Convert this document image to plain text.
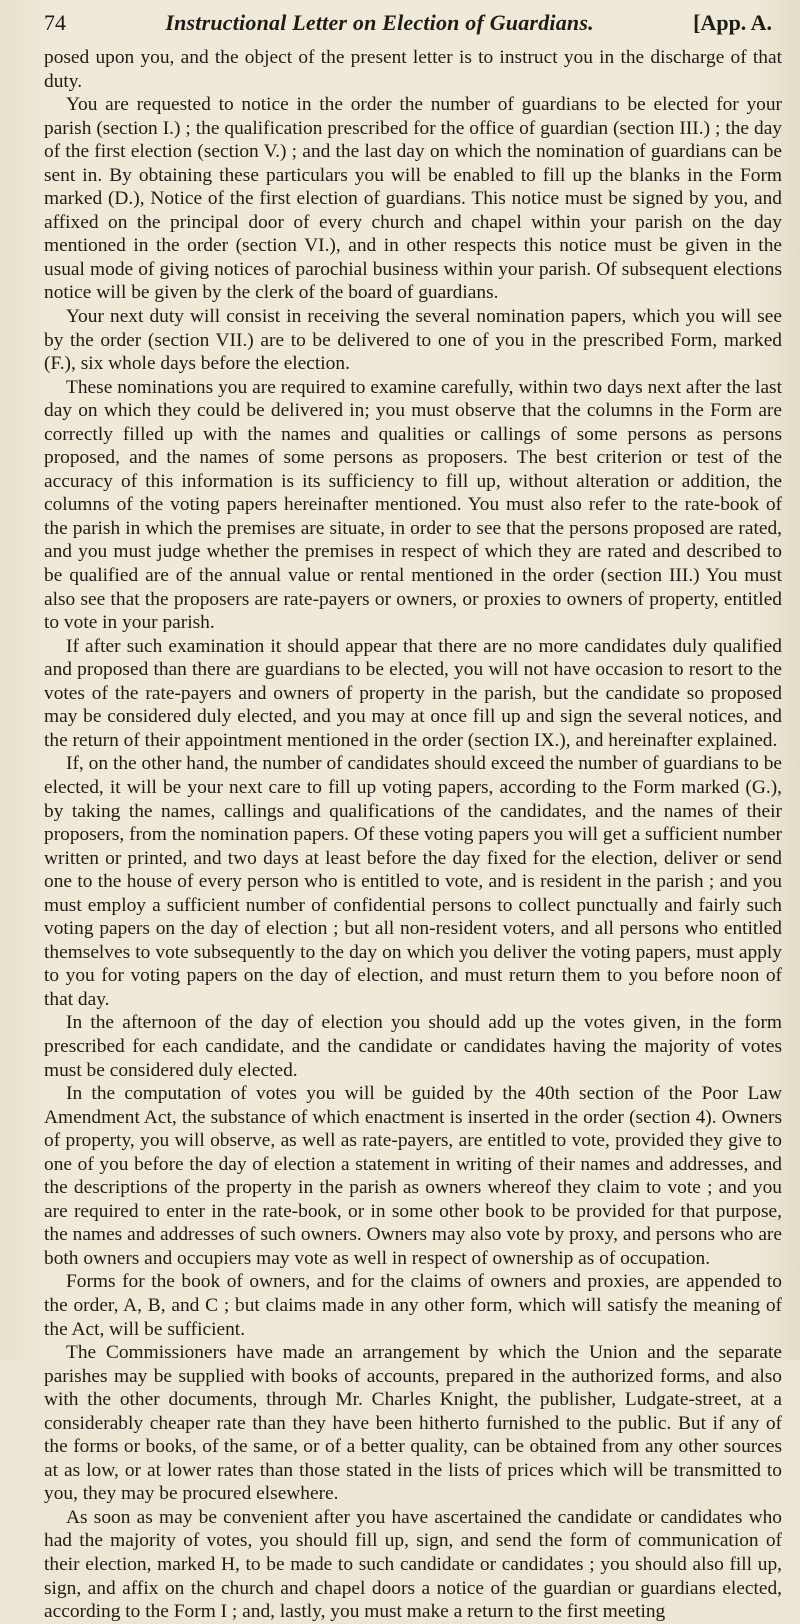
74	Instructional Letter on Election of Guardians.	[App. A.

posed upon you, and the object of the present letter is to instruct you in the discharge of that duty.

You are requested to notice in the order the number of guardians to be elected for your parish (section I.) ; the qualification prescribed for the office of guardian (section III.) ; the day of the first election (section V.) ; and the last day on which the nomination of guardians can be sent in. By obtaining these particulars you will be enabled to fill up the blanks in the Form marked (D.), Notice of the first election of guardians. This notice must be signed by you, and affixed on the principal door of every church and chapel within your parish on the day mentioned in the order (section VI.), and in other respects this notice must be given in the usual mode of giving notices of parochial business within your parish. Of subsequent elections notice will be given by the clerk of the board of guardians.

Your next duty will consist in receiving the several nomination papers, which you will see by the order (section VII.) are to be delivered to one of you in the prescribed Form, marked (F.), six whole days before the election.

These nominations you are required to examine carefully, within two days next after the last day on which they could be delivered in; you must observe that the columns in the Form are correctly filled up with the names and qualities or callings of some persons as persons proposed, and the names of some persons as proposers. The best criterion or test of the accuracy of this information is its sufficiency to fill up, without alteration or addition, the columns of the voting papers hereinafter mentioned. You must also refer to the rate-book of the parish in which the premises are situate, in order to see that the persons proposed are rated, and you must judge whether the premises in respect of which they are rated and described to be qualified are of the annual value or rental mentioned in the order (section III.) You must also see that the proposers are rate-payers or owners, or proxies to owners of property, entitled to vote in your parish.

If after such examination it should appear that there are no more candidates duly qualified and proposed than there are guardians to be elected, you will not have occasion to resort to the votes of the rate-payers and owners of property in the parish, but the candidate so proposed may be considered duly elected, and you may at once fill up and sign the several notices, and the return of their appointment mentioned in the order (section IX.), and hereinafter explained.

If, on the other hand, the number of candidates should exceed the number of guardians to be elected, it will be your next care to fill up voting papers, according to the Form marked (G.), by taking the names, callings and qualifications of the candidates, and the names of their proposers, from the nomination papers. Of these voting papers you will get a sufficient number written or printed, and two days at least before the day fixed for the election, deliver or send one to the house of every person who is entitled to vote, and is resident in the parish ; and you must employ a sufficient number of confidential persons to collect punctually and fairly such voting papers on the day of election ; but all non-resident voters, and all persons who entitled themselves to vote subsequently to the day on which you deliver the voting papers, must apply to you for voting papers on the day of election, and must return them to you before noon of that day.

In the afternoon of the day of election you should add up the votes given, in the form prescribed for each candidate, and the candidate or candidates having the majority of votes must be considered duly elected.

In the computation of votes you will be guided by the 40th section of the Poor Law Amendment Act, the substance of which enactment is inserted in the order (section 4). Owners of property, you will observe, as well as rate-payers, are entitled to vote, provided they give to one of you before the day of election a statement in writing of their names and addresses, and the descriptions of the property in the parish as owners whereof they claim to vote ; and you are required to enter in the rate-book, or in some other book to be provided for that purpose, the names and addresses of such owners. Owners may also vote by proxy, and persons who are both owners and occupiers may vote as well in respect of ownership as of occupation.

Forms for the book of owners, and for the claims of owners and proxies, are appended to the order, A, B, and C ; but claims made in any other form, which will satisfy the meaning of the Act, will be sufficient.

The Commissioners have made an arrangement by which the Union and the separate parishes may be supplied with books of accounts, prepared in the authorized forms, and also with the other documents, through Mr. Charles Knight, the publisher, Ludgate-street, at a considerably cheaper rate than they have been hitherto furnished to the public. But if any of the forms or books, of the same, or of a better quality, can be obtained from any other sources at as low, or at lower rates than those stated in the lists of prices which will be transmitted to you, they may be procured elsewhere.

As soon as may be convenient after you have ascertained the candidate or candidates who had the majority of votes, you should fill up, sign, and send the form of communication of their election, marked H, to be made to such candidate or candidates ; you should also fill up, sign, and affix on the church and chapel doors a notice of the guardian or guardians elected, according to the Form I ; and, lastly, you must make a return to the first meeting
